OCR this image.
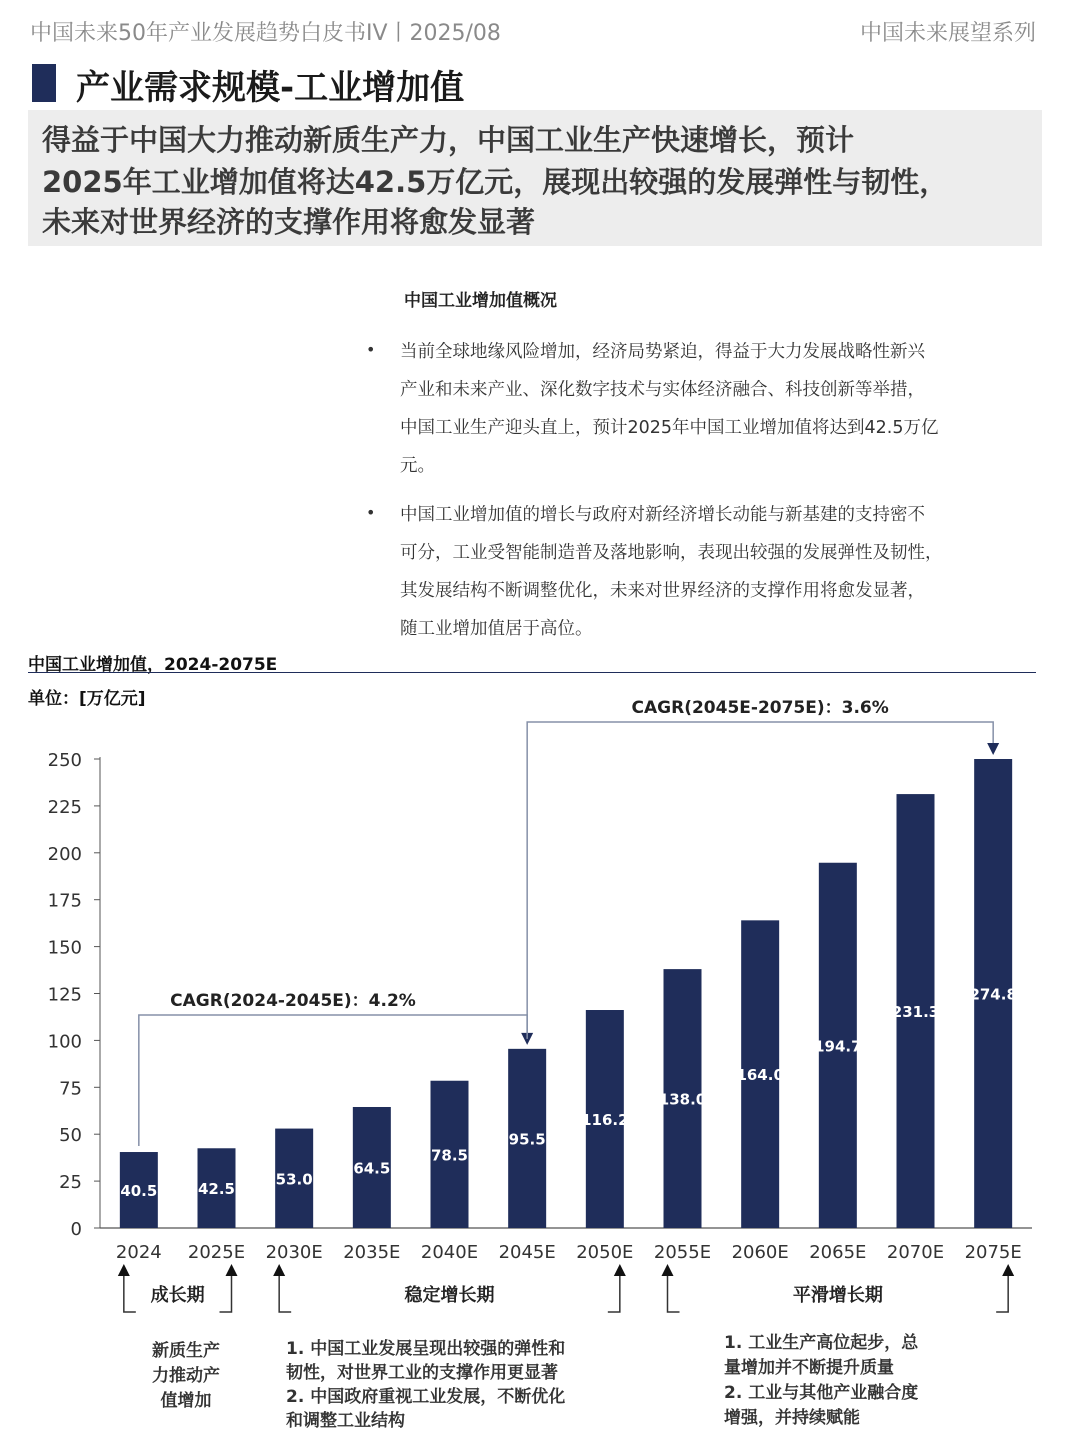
中国未来50年产业发展趋势白皮书IV丨2025/08	中国未来展望系列
产业需求规模-工业增加值
得益于中国大力推动新质生产力，中国工业生产快速增长，预计
2025年工业增加值将达42.5万亿元，展现出较强的发展弹性与韧性，
未来对世界经济的支撑作用将愈发显著
中国工业增加值概况
• 当前全球地缘风险增加，经济局势紧迫，得益于大力发展战略性新兴
产业和未来产业、深化数字技术与实体经济融合、科技创新等举措，
中国工业生产迎头直上，预计2025年中国工业增加值将达到42.5万亿
元。
• 中国工业增加值的增长与政府对新经济增长动能与新基建的支持密不
可分，工业受智能制造普及落地影响，表现出较强的发展弹性及韧性，
其发展结构不断调整优化，未来对世界经济的支撑作用将愈发显著，
随工业增加值居于高位。
中国工业增加值，2024-2075E
单位：[万亿元]
0
25
50
75
100
125
150
175
200
225
250
40.5
2024
42.5
2025E
53.0
2030E
64.5
2035E
78.5
2040E
95.5
2045E
116.2
2050E
138.0
2055E
164.0
2060E
194.7
2065E
231.3
2070E
274.8
2075E
CAGR(2024-2045E)：4.2%
CAGR(2045E-2075E)：3.6%
成长期	稳定增长期	平滑增长期
新质生产
力推动产
值增加
1. 中国工业发展呈现出较强的弹性和
韧性，对世界工业的支撑作用更显著
2. 中国政府重视工业发展，不断优化
和调整工业结构
1. 工业生产高位起步，总
量增加并不断提升质量
2. 工业与其他产业融合度
增强，并持续赋能
